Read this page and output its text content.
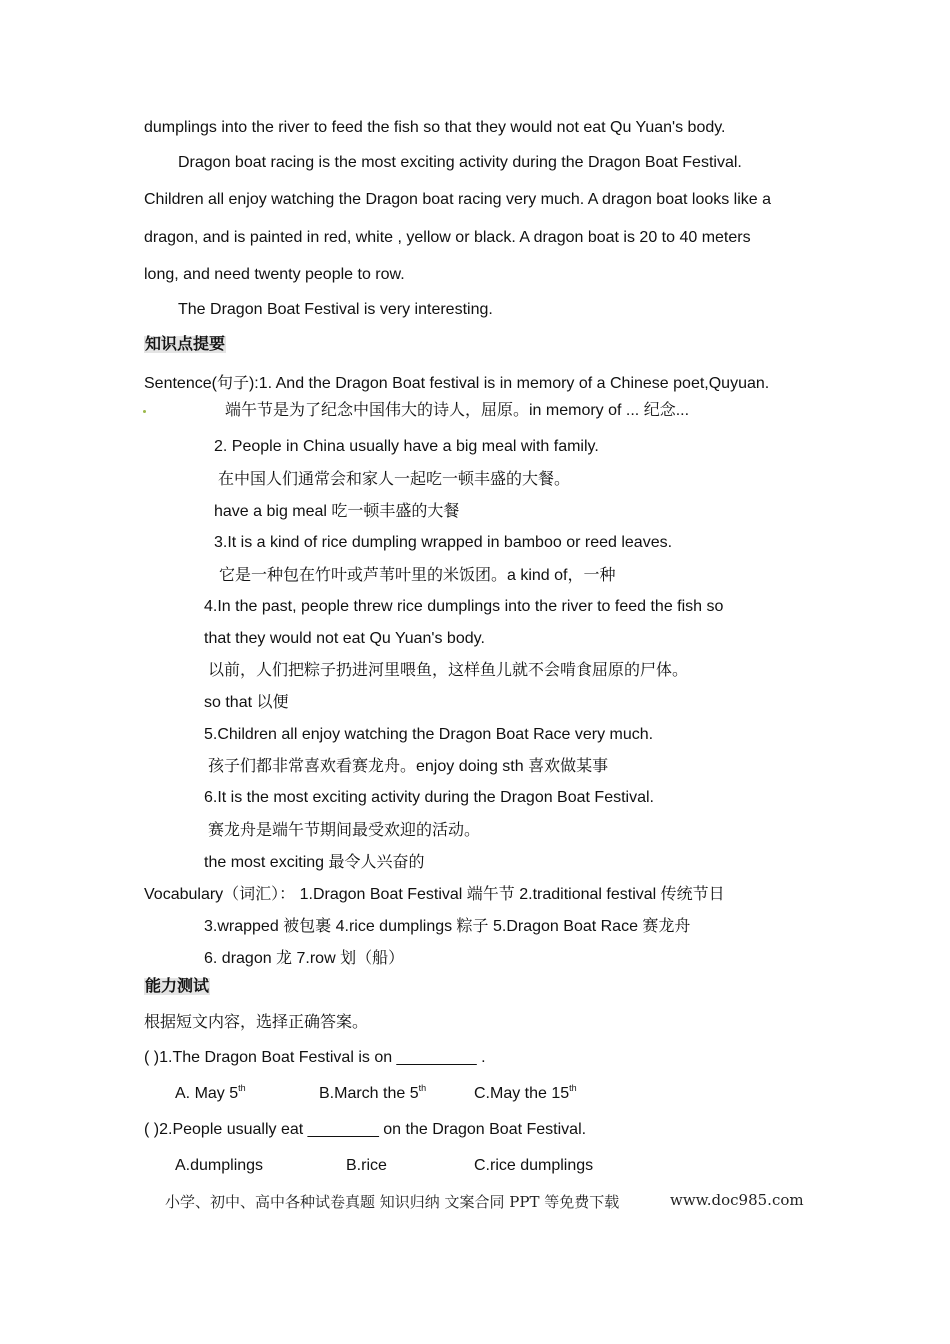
dumplings into the river to feed the fish so that they would not eat Qu Yuan's body.
Dragon boat racing is the most exciting activity during the Dragon Boat Festival.
Children all enjoy watching the Dragon boat racing very much. A dragon boat looks like a
dragon, and is painted in red, white , yellow or black. A dragon boat is 20 to 40 meters
long, and need twenty people to row.
The Dragon Boat Festival is very interesting.
知识点提要
Sentence(句子):1. And the Dragon Boat festival is in memory of a Chinese poet,Quyuan.
端午节是为了纪念中国伟大的诗人，屈原。in memory of ... 纪念...
2. People in China usually have a big meal with family.
在中国人们通常会和家人一起吃一顿丰盛的大餐。
have a big meal 吃一顿丰盛的大餐
3.It is a kind of rice dumpling wrapped in bamboo or reed leaves.
它是一种包在竹叶或芦苇叶里的米饭团。a kind of，一种
4.In the past, people threw rice dumplings into the river to feed the fish so
that they would not eat Qu Yuan's body.
以前，人们把粽子扔进河里喂鱼，这样鱼儿就不会啃食屈原的尸体。
so that 以便
5.Children all enjoy watching the Dragon Boat Race very much.
孩子们都非常喜欢看赛龙舟。enjoy doing sth 喜欢做某事
6.It is the most exciting activity during the Dragon Boat Festival.
赛龙舟是端午节期间最受欢迎的活动。
the most exciting 最令人兴奋的
Vocabulary（词汇）： 1.Dragon Boat Festival 端午节 2.traditional festival 传统节日
3.wrapped 被包裹 4.rice dumplings 粽子 5.Dragon Boat Race 赛龙舟
6. dragon 龙 7.row 划（船）
能力测试
根据短文内容，选择正确答案。
( )1.The Dragon Boat Festival is on _________ .
A. May 5th	B.March the 5th	C.May the 15th
( )2.People usually eat ________ on the Dragon Boat Festival.
A.dumplings	B.rice	C.rice dumplings
小学、初中、高中各种试卷真题 知识归纳 文案合同 PPT 等免费下载	www.doc985.com
